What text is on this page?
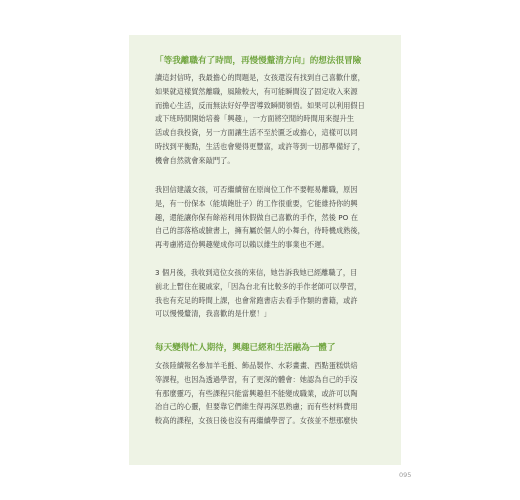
「等我離職有了時間，再慢慢釐清方向」的想法很冒險
讀這封信時，我最擔心的問題是，女孩還沒有找到自己喜歡什麼，
如果就這樣貿然離職，風險較大，有可能瞬間沒了固定收入來源
而擔心生活，反而無法好好學習導致瞬間領悟。如果可以利用假日
或下班時間開始培養「興趣」，一方面將空閒的時間用來提升生
活或自我投資，另一方面讓生活不至於匱乏或擔心，這樣可以同
時找到平衡點，生活也會變得更豐富，或許等到一切都準備好了，
機會自然就會來敲門了。
我回信建議女孩，可否繼續留在原崗位工作不要輕易離職，原因
是，有一份保本（能填飽肚子）的工作很重要，它能維持你的興
趣，還能讓你保有餘裕利用休假做自己喜歡的手作，然後 PO 在
自己的部落格或臉書上，擁有屬於個人的小舞台，待時機成熟後，
再考慮將這份興趣變成你可以賴以維生的事業也不遲。
3 個月後，我收到這位女孩的來信，她告訴我她已經離職了，目
前北上暫住在親戚家，「因為台北有比較多的手作老師可以學習，
我也有充足的時間上課，也會常跑書店去看手作類的書籍，或許
可以慢慢釐清，我喜歡的是什麼！」
每天變得忙人期待，興趣已經和生活融為一體了
女孩陸續報名參加羊毛氈、飾品製作、水彩畫畫、西點蛋糕烘焙
等課程，也因為透過學習，有了更深的體會：她認為自己的手沒
有那麼靈巧，有些課程只能當興趣但不能變成職業，或許可以陶
冶自己的心靈，但要靠它們維生得再深思熟慮；而有些材料費用
較高的課程，女孩日後也沒有再繼續學習了。女孩並不想那麼快
095
